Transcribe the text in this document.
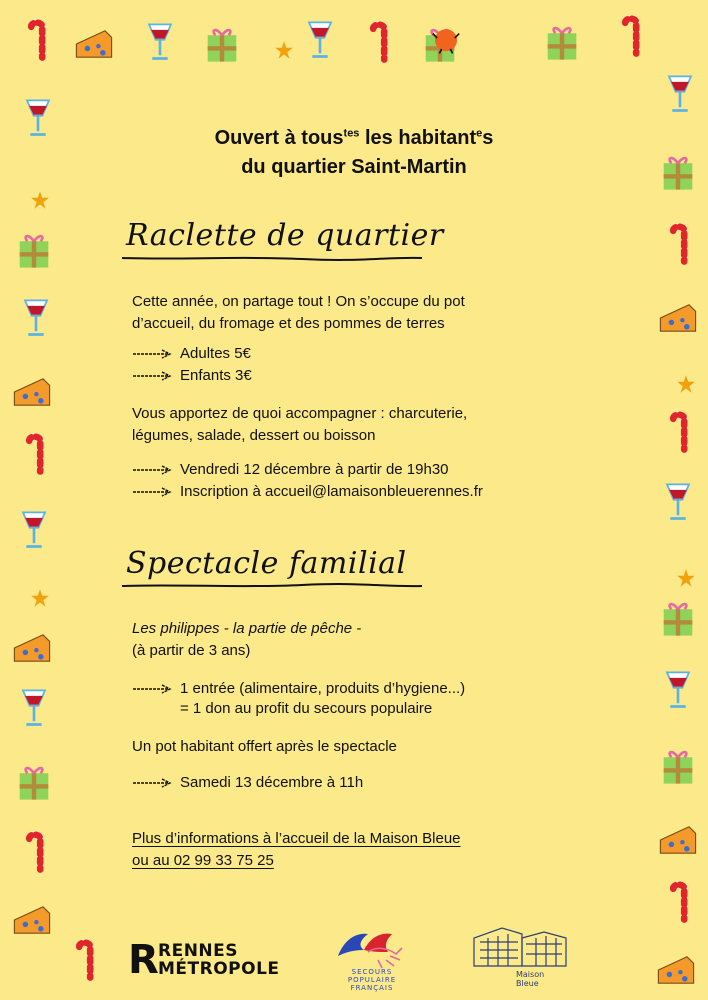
Ouvert à tous$^{tes}$ les habitant$^e$s
du quartier Saint-Martin
Raclette de quartier
Cette année, on partage tout ! On s’occupe du pot
d’accueil, du fromage et des pommes de terres
Adultes 5€
Enfants 3€
Vous apportez de quoi accompagner : charcuterie,
légumes, salade, dessert ou boisson
Vendredi 12 décembre à partir de 19h30
Inscription à accueil@lamaisonbleuerennes.fr
Spectacle familial
Les philippes - la partie de pêche -
(à partir de 3 ans)
1 entrée (alimentaire, produits d’hygiene...)
= 1 don au profit du secours populaire
Un pot habitant offert après le spectacle
Samedi 13 décembre à 11h
Plus d’informations à l’accueil de la Maison Bleue
ou au 02 99 33 75 25
R RENNES
MÉTROPOLE	SECOURS
POPULAIRE
FRANÇAIS
Maison
Bleue
